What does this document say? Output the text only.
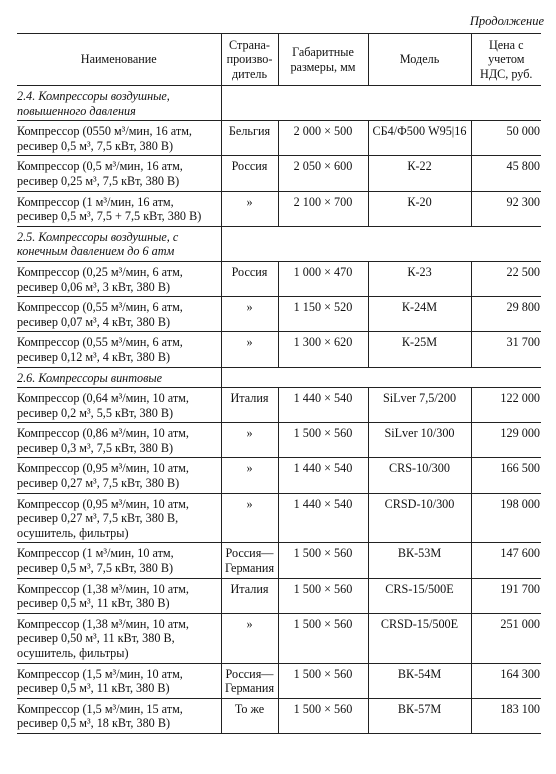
Продолжение
Наименование	Страна-произво-дитель	Габаритные размеры, мм	Модель	Цена с учетом НДС, руб.
2.4. Компрессоры воздушные, повышенного давления				
Компрессор (0550 м³/мин, 16 атм, ресивер 0,5 м³, 7,5 кВт, 380 В)	Бельгия	2 000 × 500	СБ4/Ф500 W95|16	50 000
Компрессор (0,5 м³/мин, 16 атм, ресивер 0,25 м³, 7,5 кВт, 380 В)	Россия	2 050 × 600	К-22	45 800
Компрессор (1 м³/мин, 16 атм, ресивер 0,5 м³, 7,5 + 7,5 кВт, 380 В)	»	2 100 × 700	К-20	92 300
2.5. Компрессоры воздушные, с конечным давлением до 6 атм				
Компрессор (0,25 м³/мин, 6 атм, ресивер 0,06 м³, 3 кВт, 380 В)	Россия	1 000 × 470	К-23	22 500
Компрессор (0,55 м³/мин, 6 атм, ресивер 0,07 м³, 4 кВт, 380 В)	»	1 150 × 520	К-24М	29 800
Компрессор (0,55 м³/мин, 6 атм, ресивер 0,12 м³, 4 кВт, 380 В)	»	1 300 × 620	К-25М	31 700
2.6. Компрессоры винтовые				
Компрессор (0,64 м³/мин, 10 атм, ресивер 0,2 м³, 5,5 кВт, 380 В)	Италия	1 440 × 540	SiLver 7,5/200	122 000
Компрессор (0,86 м³/мин, 10 атм, ресивер 0,3 м³, 7,5 кВт, 380 В)	»	1 500 × 560	SiLver 10/300	129 000
Компрессор (0,95 м³/мин, 10 атм, ресивер 0,27 м³, 7,5 кВт, 380 В)	»	1 440 × 540	CRS-10/300	166 500
Компрессор (0,95 м³/мин, 10 атм, ресивер 0,27 м³, 7,5 кВт, 380 В, осушитель, фильтры)	»	1 440 × 540	CRSD-10/300	198 000
Компрессор (1 м³/мин, 10 атм, ресивер 0,5 м³, 7,5 кВт, 380 В)	Россия—Германия	1 500 × 560	ВК-53М	147 600
Компрессор (1,38 м³/мин, 10 атм, ресивер 0,5 м³, 11 кВт, 380 В)	Италия	1 500 × 560	CRS-15/500E	191 700
Компрессор (1,38 м³/мин, 10 атм, ресивер 0,50 м³, 11 кВт, 380 В, осушитель, фильтры)	»	1 500 × 560	CRSD-15/500E	251 000
Компрессор (1,5 м³/мин, 10 атм, ресивер 0,5 м³, 11 кВт, 380 В)	Россия—Германия	1 500 × 560	ВК-54М	164 300
Компрессор (1,5 м³/мин, 15 атм, ресивер 0,5 м³, 18 кВт, 380 В)	То же	1 500 × 560	ВК-57М	183 100
